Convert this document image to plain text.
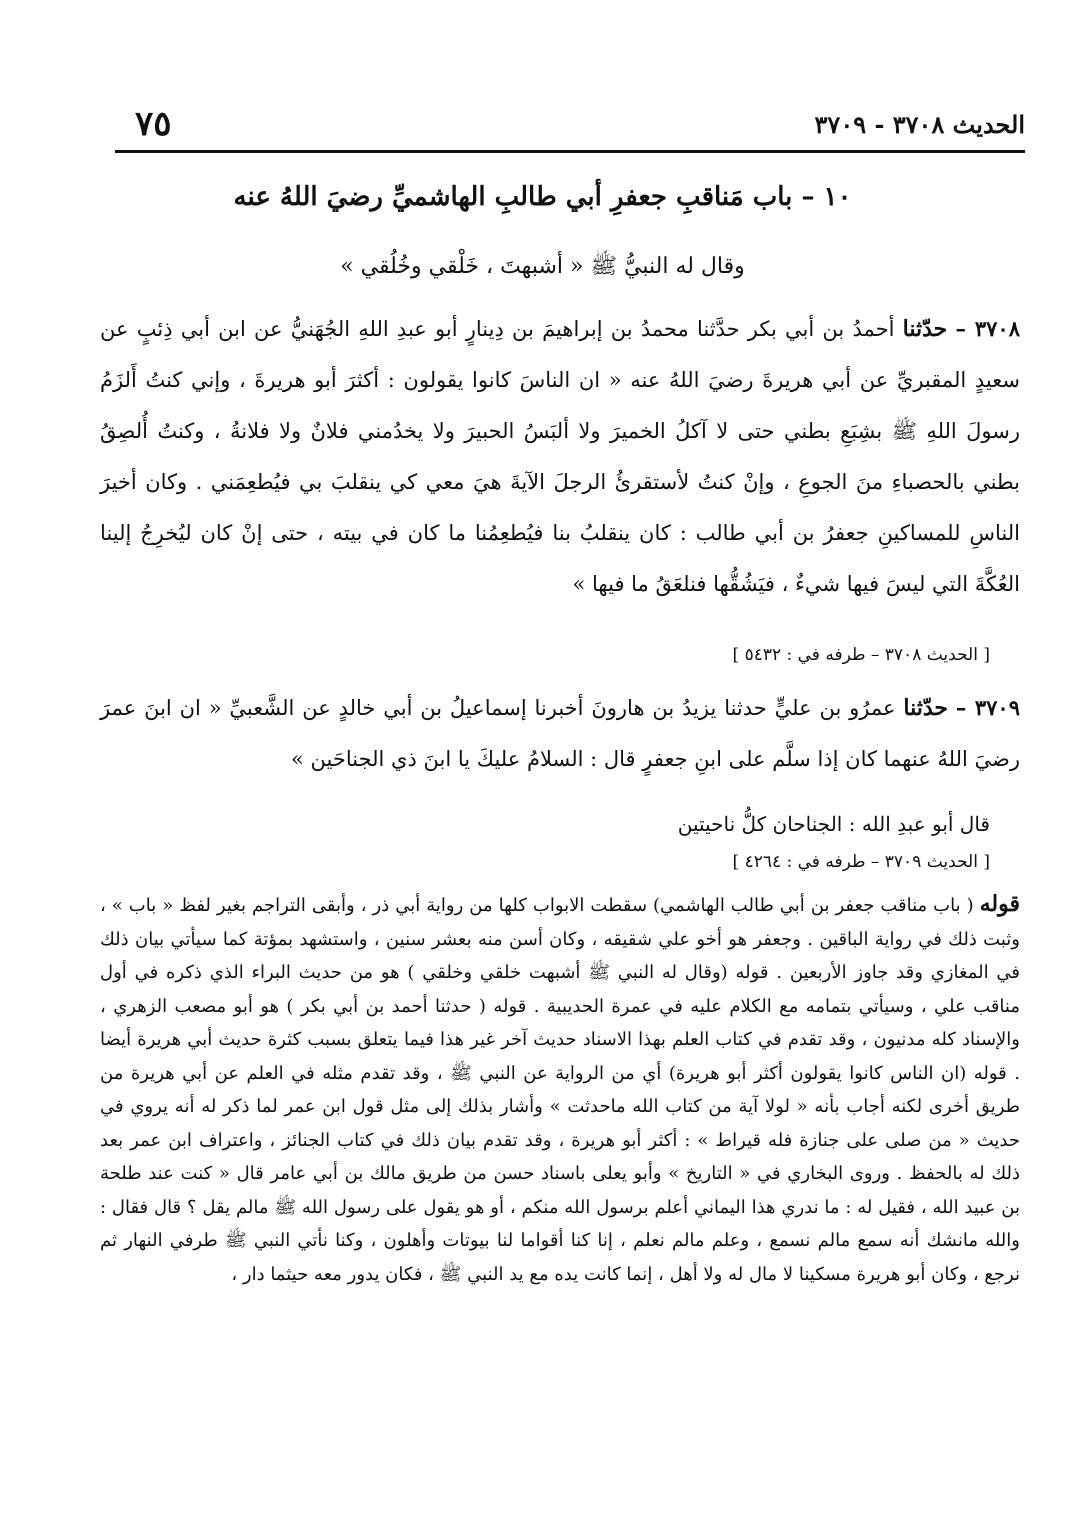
الحديث ٣٧٠٨ - ٣٧٠٩
٧٥
١٠ – باب مَناقبِ جعفرِ أبي طالبِ الهاشميِّ رضيَ اللهُ عنه
وقال له النبيُّ ﷺ « أشبهتَ ، خَلْقي وخُلُقي »
٣٧٠٨ – حدّثنا أحمدُ بن أبي بكر حدَّثنا محمدُ بن إبراهيمَ بن دِينارٍ أبو عبدِ اللهِ الجُهَنيُّ عن ابن أبي ذِئبٍ عن سعيدٍ المقبريِّ عن أبي هريرةَ رضيَ اللهُ عنه « ان الناسَ كانوا يقولون : أكثرَ أبو هريرةَ ، وإني كنتُ أَلزَمُ رسولَ اللهِ ﷺ بشِبَعِ بطني حتى لا آكلُ الخميرَ ولا ألبَسُ الحبيرَ ولا يخدُمني فلانٌ ولا فلانةُ ، وكنتُ أُلصِقُ بطني بالحصباءِ منَ الجوعِ ، وإنْ كنتُ لأستقرئُ الرجلَ الآيةَ هيَ معي كي ينقلبَ بي فيُطعِمَني . وكان أخيرَ الناسِ للمساكينِ جعفرُ بن أبي طالب : كان ينقلبُ بنا فيُطعِمُنا ما كان في بيته ، حتى إنْ كان ليُخرِجُ إلينا العُكَّةَ التي ليسَ فيها شيءٌ ، فيَشُقُّها فنلعَقُ ما فيها »
[ الحديث ٣٧٠٨ – طرفه في : ٥٤٣٢ ]
٣٧٠٩ – حدّثنا عمرُو بن عليٍّ حدثنا يزيدُ بن هارونَ أخبرنا إسماعيلُ بن أبي خالدٍ عن الشَّعبيِّ « ان ابنَ عمرَ رضيَ اللهُ عنهما كان إذا سلَّم على ابنِ جعفرٍ قال : السلامُ عليكَ يا ابنَ ذي الجناحَين »
قال أبو عبدِ الله : الجناحان كلُّ ناحيتين
[ الحديث ٣٧٠٩ – طرفه في : ٤٢٦٤ ]
قوله ( باب مناقب جعفر بن أبي طالب الهاشمي) سقطت الابواب كلها من رواية أبي ذر ، وأبقى التراجم بغير لفظ « باب » ، وثبت ذلك في رواية الباقين . وجعفر هو أخو علي شقيقه ، وكان أسن منه بعشر سنين ، واستشهد بمؤتة كما سيأتي بيان ذلك في المغازي وقد جاوز الأربعين . قوله (وقال له النبي ﷺ أشبهت خلقي وخلقي ) هو من حديث البراء الذي ذكره في أول مناقب علي ، وسيأتي بتمامه مع الكلام عليه في عمرة الحديبية . قوله ( حدثنا أحمد بن أبي بكر ) هو أبو مصعب الزهري ، والإسناد كله مدنيون ، وقد تقدم في كتاب العلم بهذا الاسناد حديث آخر غير هذا فيما يتعلق بسبب كثرة حديث أبي هريرة أيضا . قوله (ان الناس كانوا يقولون أكثر أبو هريرة) أي من الرواية عن النبي ﷺ ، وقد تقدم مثله في العلم عن أبي هريرة من طريق أخرى لكنه أجاب بأنه « لولا آية من كتاب الله ماحدثت » وأشار بذلك إلى مثل قول ابن عمر لما ذكر له أنه يروي في حديث « من صلى على جنازة فله قيراط » : أكثر أبو هريرة ، وقد تقدم بيان ذلك في كتاب الجنائز ، واعتراف ابن عمر بعد ذلك له بالحفظ . وروى البخاري في « التاريخ » وأبو يعلى باسناد حسن من طريق مالك بن أبي عامر قال « كنت عند طلحة بن عبيد الله ، فقيل له : ما ندري هذا اليماني أعلم برسول الله منكم ، أو هو يقول على رسول الله ﷺ مالم يقل ؟ قال فقال : والله مانشك أنه سمع مالم نسمع ، وعلم مالم نعلم ، إنا كنا أقواما لنا بيوتات وأهلون ، وكنا نأتي النبي ﷺ طرفي النهار ثم نرجع ، وكان أبو هريرة مسكينا لا مال له ولا أهل ، إنما كانت يده مع يد النبي ﷺ ، فكان يدور معه حيثما دار ،
